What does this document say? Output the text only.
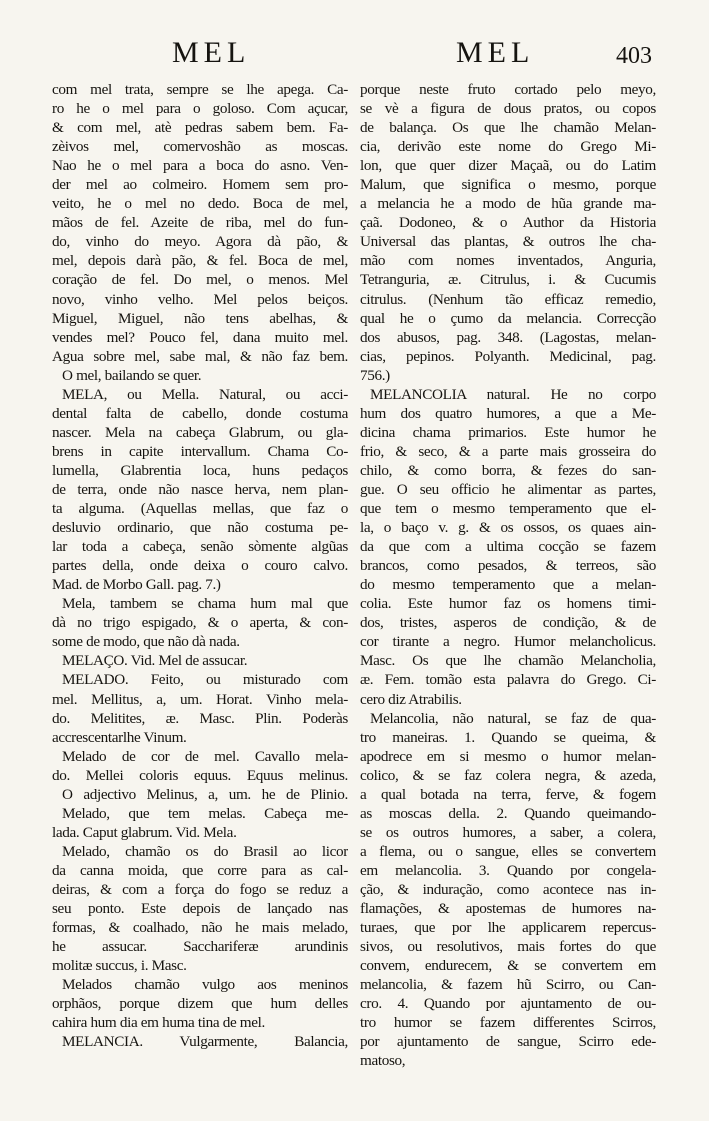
MEL	MEL	403

com mel trata, sempre se lhe apega. Ca-

ro he o mel para o goloso. Com açucar,

& com mel, atè pedras sabem bem. Fa-

zèivos mel, comervoshão as moscas.

Nao he o mel para a boca do asno. Ven-

der mel ao colmeiro. Homem sem pro-

veito, he o mel no dedo. Boca de mel,

mãos de fel. Azeite de riba, mel do fun-

do, vinho do meyo. Agora dà pão, &

mel, depois darà pão, & fel. Boca de mel,

coração de fel. Do mel, o menos. Mel

novo, vinho velho. Mel pelos beiços.

Miguel, Miguel, não tens abelhas, &

vendes mel? Pouco fel, dana muito mel.

Agua sobre mel, sabe mal, & não faz bem.

O mel, bailando se quer.

MELA, ou Mella. Natural, ou acci-

dental falta de cabello, donde costuma

nascer. Mela na cabeça Glabrum, ou gla-

brens in capite intervallum. Chama Co-

lumella, Glabrentia loca, huns pedaços

de terra, onde não nasce herva, nem plan-

ta alguma. (Aquellas mellas, que faz o

desluvio ordinario, que não costuma pe-

lar toda a cabeça, senão sòmente algũas

partes della, onde deixa o couro calvo.

Mad. de Morbo Gall. pag. 7.)

Mela, tambem se chama hum mal que

dà no trigo espigado, & o aperta, & con-

some de modo, que não dà nada.

MELAÇO. Vid. Mel de assucar.

MELADO. Feito, ou misturado com

mel. Mellitus, a, um. Horat. Vinho mela-

do. Melitites, æ. Masc. Plin. Poderàs

accrescentarlhe Vinum.

Melado de cor de mel. Cavallo mela-

do. Mellei coloris equus. Equus melinus.

O adjectivo Melinus, a, um. he de Plinio.

Melado, que tem melas. Cabeça me-

lada. Caput glabrum. Vid. Mela.

Melado, chamão os do Brasil ao licor

da canna moida, que corre para as cal-

deiras, & com a força do fogo se reduz a

seu ponto. Este depois de lançado nas

formas, & coalhado, não he mais melado,

he assucar. Sacchariferæ arundinis

molitæ succus, i. Masc.

Melados chamão vulgo aos meninos

orphãos, porque dizem que hum delles

cahira hum dia em huma tina de mel.

MELANCIA. Vulgarmente, Balancia,

porque neste fruto cortado pelo meyo,

se vè a figura de dous pratos, ou copos

de balança. Os que lhe chamão Melan-

cia, derivão este nome do Grego Mi-

lon, que quer dizer Maçaã, ou do Latim

Malum, que significa o mesmo, porque

a melancia he a modo de hũa grande ma-

çaã. Dodoneo, & o Author da Historia

Universal das plantas, & outros lhe cha-

mão com nomes inventados, Anguria,

Tetranguria, æ. Citrulus, i. & Cucumis

citrulus. (Nenhum tão efficaz remedio,

qual he o çumo da melancia. Correcção

dos abusos, pag. 348. (Lagostas, melan-

cias, pepinos. Polyanth. Medicinal, pag.

756.)

MELANCOLIA natural. He no corpo

hum dos quatro humores, a que a Me-

dicina chama primarios. Este humor he

frio, & seco, & a parte mais grosseira do

chilo, & como borra, & fezes do san-

gue. O seu officio he alimentar as partes,

que tem o mesmo temperamento que el-

la, o baço v. g. & os ossos, os quaes ain-

da que com a ultima cocção se fazem

brancos, como pesados, & terreos, são

do mesmo temperamento que a melan-

colia. Este humor faz os homens timi-

dos, tristes, asperos de condição, & de

cor tirante a negro. Humor melancholicus.

Masc. Os que lhe chamão Melancholia,

æ. Fem. tomão esta palavra do Grego. Ci-

cero diz Atrabilis.

Melancolia, não natural, se faz de qua-

tro maneiras. 1. Quando se queima, &

apodrece em si mesmo o humor melan-

colico, & se faz colera negra, & azeda,

a qual botada na terra, ferve, & fogem

as moscas della. 2. Quando queimando-

se os outros humores, a saber, a colera,

a flema, ou o sangue, elles se convertem

em melancolia. 3. Quando por congela-

ção, & induração, como acontece nas in-

flamações, & apostemas de humores na-

turaes, que por lhe applicarem repercus-

sivos, ou resolutivos, mais fortes do que

convem, endurecem, & se convertem em

melancolia, & fazem hũ Scirro, ou Can-

cro. 4. Quando por ajuntamento de ou-

tro humor se fazem differentes Scirros,

por ajuntamento de sangue, Scirro ede-

matoso,
